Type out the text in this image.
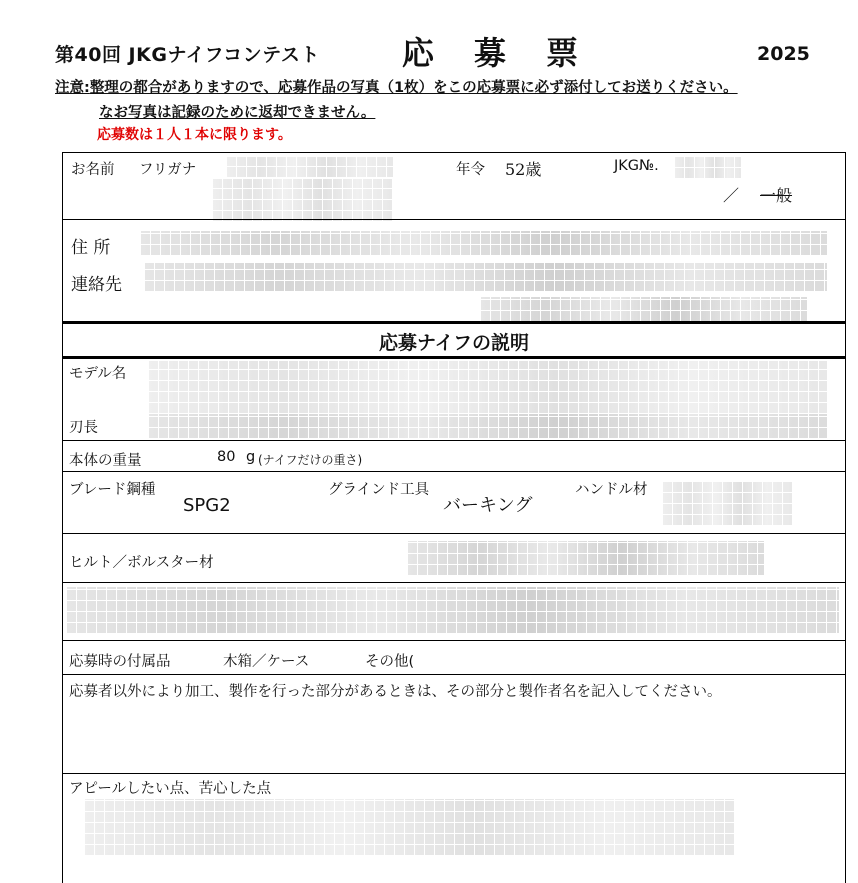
第40回 JKGナイフコンテスト	応募票	2025
注意:整理の都合がありますので、応募作品の写真（1枚）をこの応募票に必ず添付してお送りください。
なお写真は記録のために返却できません。
応募数は１人１本に限ります。
お名前 フリガナ	年令 52歳	JKG№.
／ 一般
住 所
連絡先
応募ナイフの説明
モデル名
刃長
本体の重量	80 g (ナイフだけの重さ)
ブレード鋼種
SPG2
グラインド工具
バーキング
ハンドル材
ヒルト／ボルスター材
応募時の付属品	木箱／ケース	その他(
応募者以外により加工、製作を行った部分があるときは、その部分と製作者名を記入してください。
アピールしたい点、苦心した点
